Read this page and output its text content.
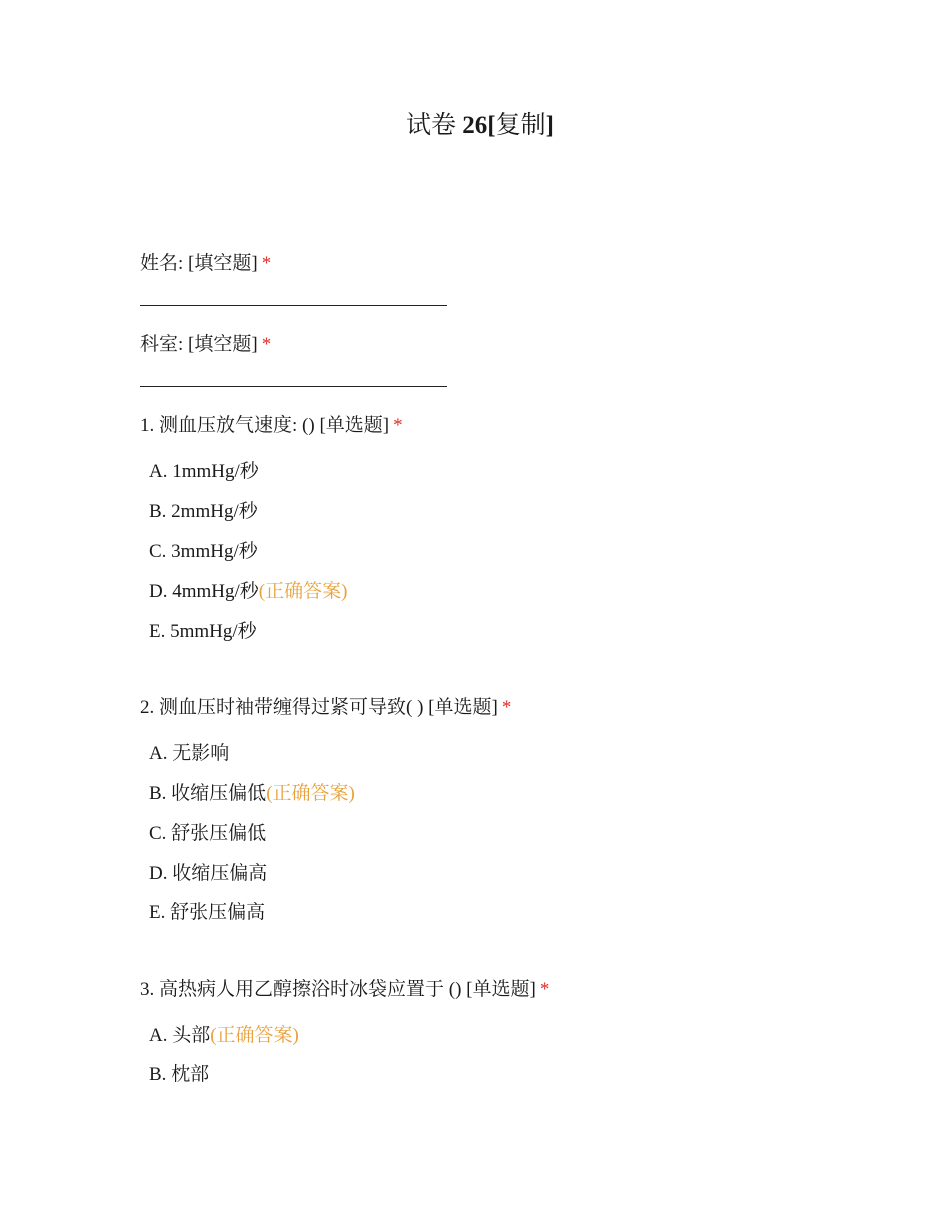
试卷 26[复制]
姓名: [填空题] *
科室: [填空题] *
1. 测血压放气速度: () [单选题] *
A. 1mmHg/秒
B. 2mmHg/秒
C. 3mmHg/秒
D. 4mmHg/秒(正确答案)
E. 5mmHg/秒
2. 测血压时袖带缠得过紧可导致( ) [单选题] *
A. 无影响
B. 收缩压偏低(正确答案)
C. 舒张压偏低
D. 收缩压偏高
E. 舒张压偏高
3. 高热病人用乙醇擦浴时冰袋应置于 () [单选题] *
A. 头部(正确答案)
B. 枕部
